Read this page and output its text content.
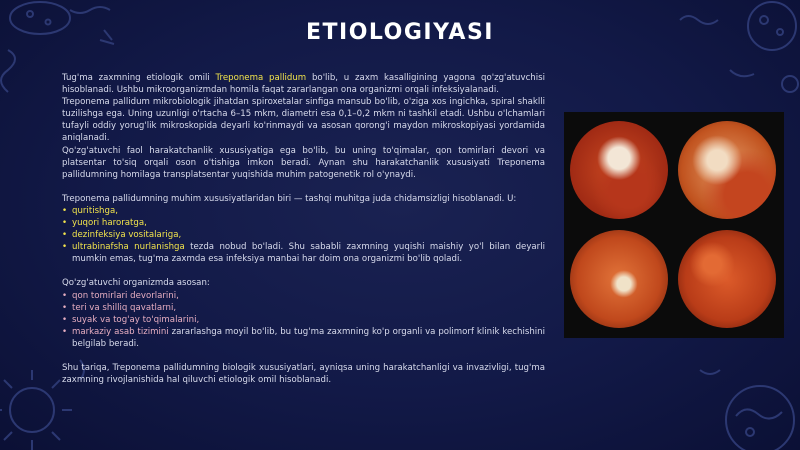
ETIOLOGIYASI

Tug'ma zaxmning etiologik omili Treponema pallidum bo'lib, u zaxm kasalligining yagona qo'zg'atuvchisi hisoblanadi. Ushbu mikroorganizmdan homila faqat zararlangan ona organizmi orqali infeksiyalanadi.

Treponema pallidum mikrobiologik jihatdan spiroxetalar sinfiga mansub bo'lib, o'ziga xos ingichka, spiral shaklli tuzilishga ega. Uning uzunligi o'rtacha 6–15 mkm, diametri esa 0,1–0,2 mkm ni tashkil etadi. Ushbu o'lchamlari tufayli oddiy yorug'lik mikroskopida deyarli ko'rinmaydi va asosan qorong'i maydon mikroskopiyasi yordamida aniqlanadi.

Qo'zg'atuvchi faol harakatchanlik xususiyatiga ega bo'lib, bu uning to'qimalar, qon tomirlari devori va platsentar to'siq orqali oson o'tishiga imkon beradi. Aynan shu harakatchanlik xususiyati Treponema pallidumning homilaga transplatsentar yuqishida muhim patogenetik rol o'ynaydi.

Treponema pallidumning muhim xususiyatlaridan biri — tashqi muhitga juda chidamsizligi hisoblanadi. U:

• quritishga,
• yuqori haroratga,
• dezinfeksiya vositalariga,
• ultrabinafsha nurlanishga tezda nobud bo'ladi. Shu sababli zaxmning yuqishi maishiy yo'l bilan deyarli mumkin emas, tug'ma zaxmda esa infeksiya manbai har doim ona organizmi bo'lib qoladi.

Qo'zg'atuvchi organizmda asosan:

• qon tomirlari devorlarini,
• teri va shilliq qavatlarni,
• suyak va tog'ay to'qimalarini,
• markaziy asab tizimini zararlashga moyil bo'lib, bu tug'ma zaxmning ko'p organli va polimorf klinik kechishini belgilab beradi.

Shu tariqa, Treponema pallidumning biologik xususiyatlari, ayniqsa uning harakatchanligi va invazivligi, tug'ma zaxmning rivojlanishida hal qiluvchi etiologik omil hisoblanadi.
